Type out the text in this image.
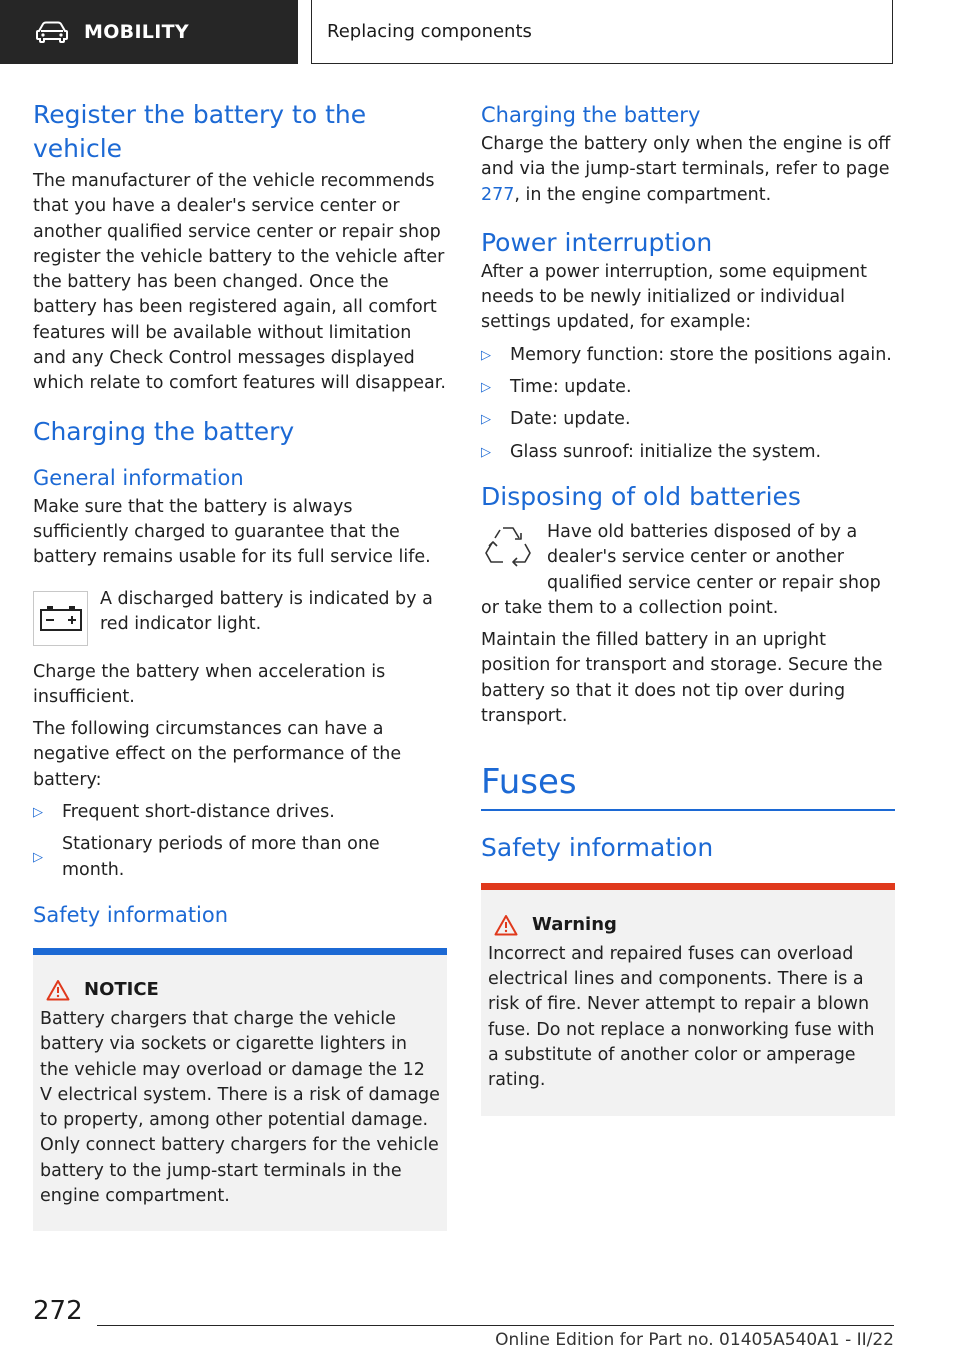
MOBILITY	Replacing components
Register the battery to the vehicle

The manufacturer of the vehicle recommends that you have a dealer's service center or another qualified service center or repair shop register the vehicle battery to the vehicle after the battery has been changed. Once the battery has been registered again, all comfort features will be available without limitation and any Check Control messages displayed which relate to comfort features will disappear.

Charging the battery
General information

Make sure that the battery is always sufficiently charged to guarantee that the battery remains usable for its full service life.

A discharged battery is indicated by a red indicator light.

Charge the battery when acceleration is insufficient.

The following circumstances can have a negative effect on the performance of the battery:

▷	Frequent short-distance drives.
▷
Stationary periods of more than one month.
Safety information
NOTICE

Battery chargers that charge the vehicle battery via sockets or cigarette lighters in the vehicle may overload or damage the 12 V electrical system. There is a risk of damage to property, among other potential damage. Only connect battery chargers for the vehicle battery to the jump-start terminals in the engine compartment.

Charging the battery

Charge the battery only when the engine is off and via the jump-start terminals, refer to page 277, in the engine compartment.

Power interruption

After a power interruption, some equipment needs to be newly initialized or individual settings updated, for example:

▷	Memory function: store the positions again.
▷	Time: update.
▷	Date: update.
▷	Glass sunroof: initialize the system.
Disposing of old batteries

Have old batteries disposed of by a dealer's service center or another qualified service center or repair shop or take them to a collection point.

Maintain the filled battery in an upright position for transport and storage. Secure the battery so that it does not tip over during transport.

Fuses
Safety information
Warning

Incorrect and repaired fuses can overload electrical lines and components. There is a risk of fire. Never attempt to repair a blown fuse. Do not replace a nonworking fuse with a substitute of another color or amperage rating.

272
Online Edition for Part no. 01405A540A1 - II/22
